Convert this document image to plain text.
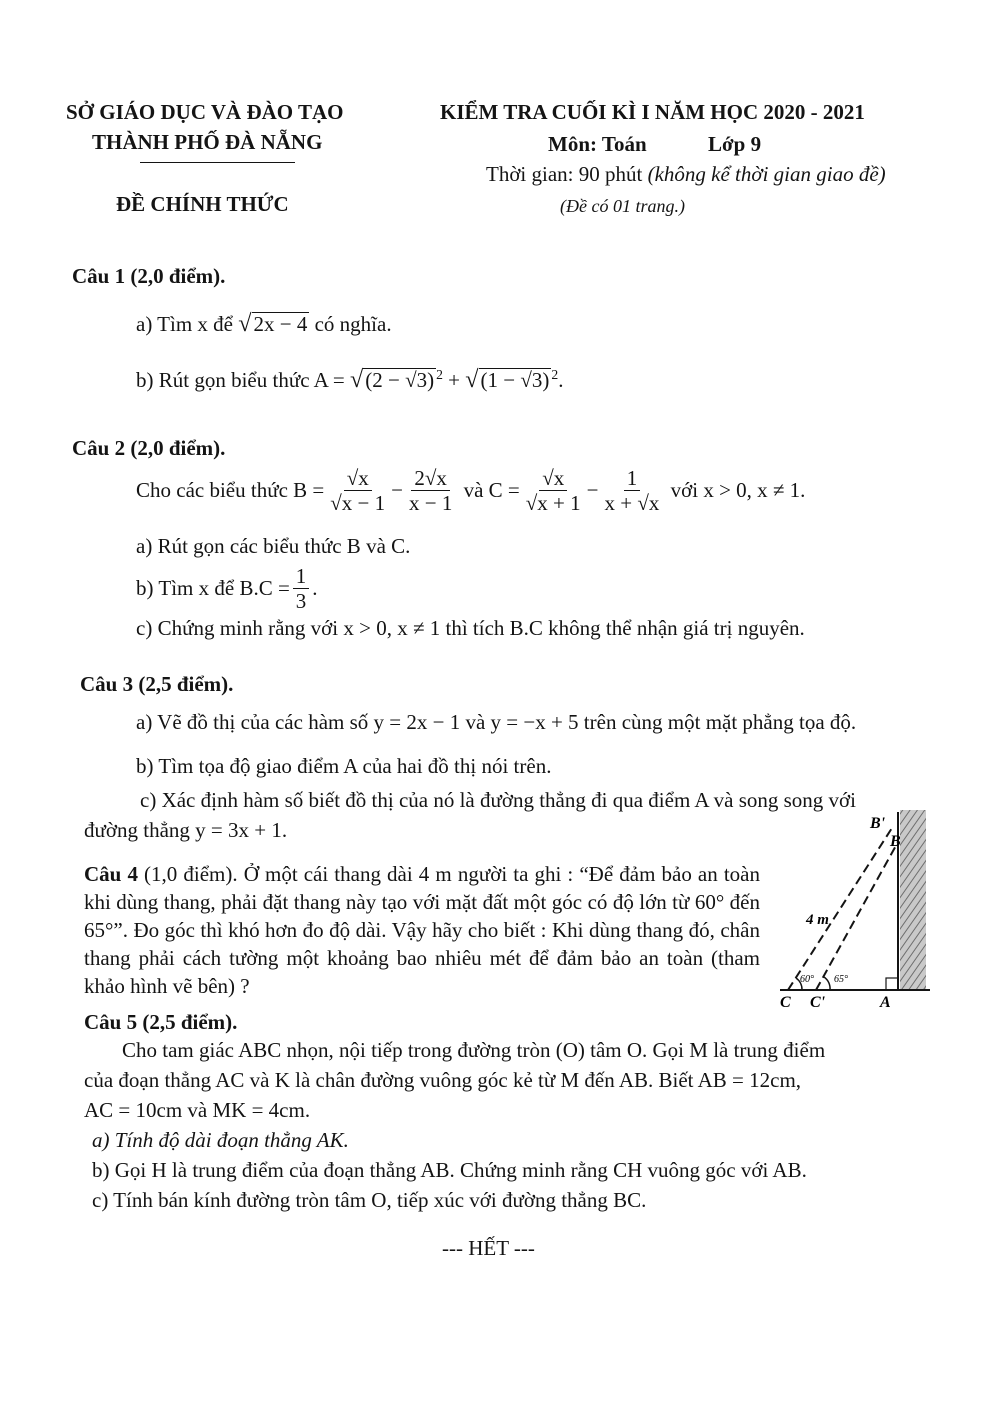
SỞ GIÁO DỤC VÀ ĐÀO TẠO
THÀNH PHỐ ĐÀ NẴNG
ĐỀ CHÍNH THỨC
KIỂM TRA CUỐI KÌ I NĂM HỌC 2020 - 2021
Môn: Toán	Lớp 9
Thời gian: 90 phút (không kể thời gian giao đề)
(Đề có 01 trang.)
Câu 1 (2,0 điểm).
a) Tìm x để √2x − 4 có nghĩa.
b) Rút gọn biểu thức A = √(2 − √3) $^2$ + √(1 − √3) $^2$.
Câu 2 (2,0 điểm).
Cho các biểu thức
$B = \frac{√x}{√x - 1} - \frac{2√x}{x - 1}$
và
$C = \frac{√x}{√x + 1} - \frac{1}{x + √x}$
với x > 0, x ≠ 1.
a) Rút gọn các biểu thức B và C.
b) Tìm x để
$B.C = \frac{1}{3}$ .
c) Chứng minh rằng với x > 0, x ≠ 1 thì tích B.C không thể nhận giá trị nguyên.
Câu 3 (2,5 điểm).
a) Vẽ đồ thị của các hàm số y = 2x − 1 và y = −x + 5 trên cùng một mặt phẳng tọa độ.
b) Tìm tọa độ giao điểm A của hai đồ thị nói trên.
c) Xác định hàm số biết đồ thị của nó là đường thẳng đi qua điểm A và song song với
đường thẳng y = 3x + 1.
Câu 4 (1,0 điểm). Ở một cái thang dài 4 m người ta ghi : “Để đảm bảo an toàn khi dùng thang, phải đặt thang này tạo với mặt đất một góc có độ lớn từ 60° đến 65°”. Đo góc thì khó hơn đo độ dài. Vậy hãy cho biết : Khi dùng thang đó, chân thang phải cách tường một khoảng bao nhiêu mét để đảm bảo an toàn (tham khảo hình vẽ bên) ?
B'
B
4 m
60° 65°
C C'	A
Câu 5 (2,5 điểm).
Cho tam giác ABC nhọn, nội tiếp trong đường tròn (O) tâm O. Gọi M là trung điểm
của đoạn thẳng AC và K là chân đường vuông góc kẻ từ M đến AB. Biết AB = 12cm,
AC = 10cm và MK = 4cm.
a) Tính độ dài đoạn thẳng AK.
b) Gọi H là trung điểm của đoạn thẳng AB. Chứng minh rằng CH vuông góc với AB.
c) Tính bán kính đường tròn tâm O, tiếp xúc với đường thẳng BC.
--- HẾT ---
